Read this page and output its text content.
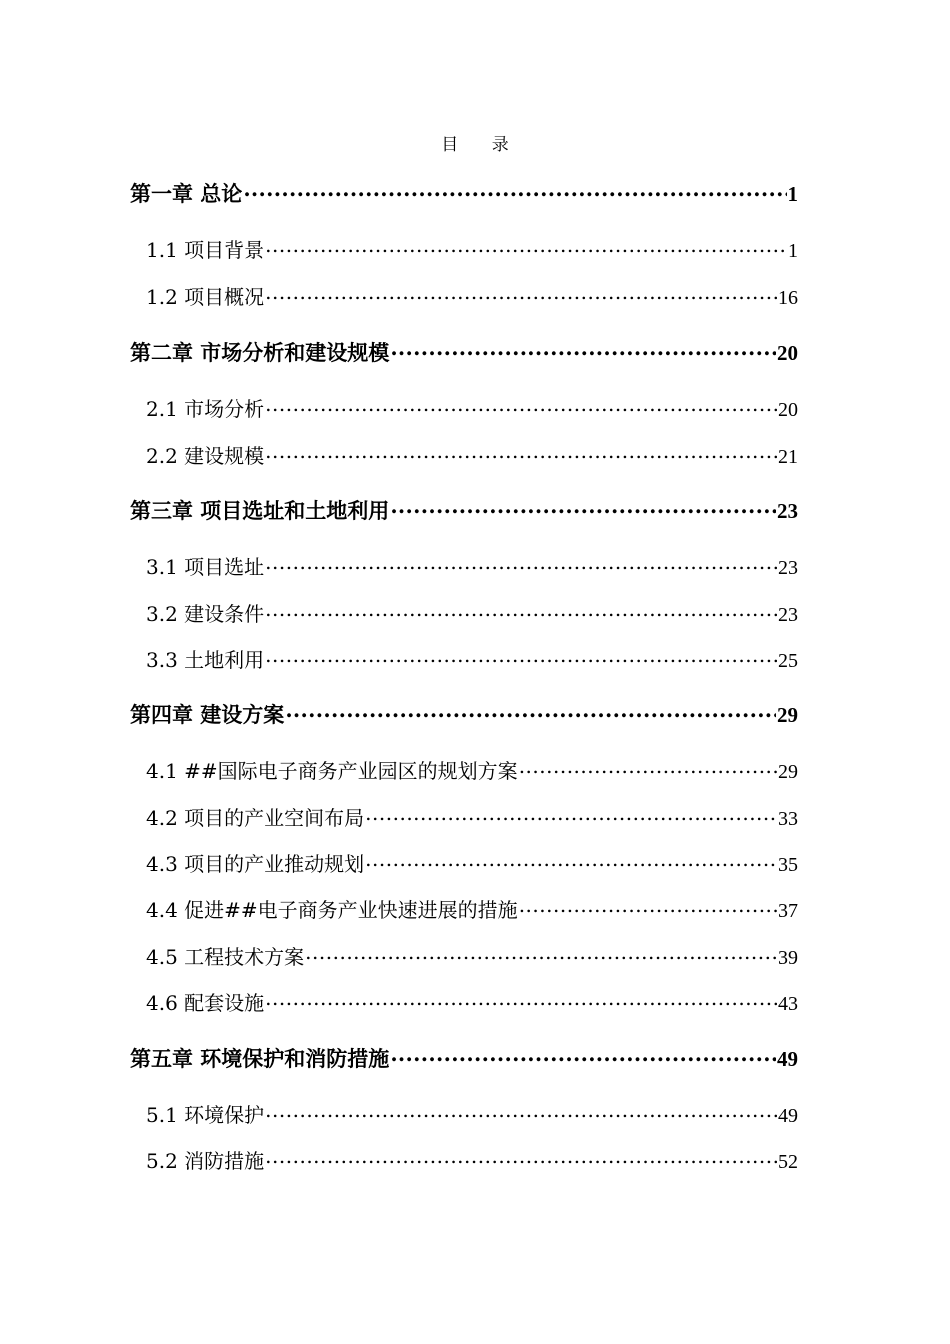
目 录
第一章 总论 .....	1
1.1 项目背景 .....	1
1.2 项目概况 .....	16
第二章 市场分析和建设规模 .....	20
2.1 市场分析 .....	20
2.2 建设规模 .....	21
第三章 项目选址和土地利用 .....	23
3.1 项目选址 .....	23
3.2 建设条件 .....	23
3.3 土地利用 .....	25
第四章 建设方案 .....	29
4.1 ##国际电子商务产业园区的规划方案 .....	29
4.2 项目的产业空间布局 .....	33
4.3 项目的产业推动规划 .....	35
4.4 促进##电子商务产业快速进展的措施 .....	37
4.5 工程技术方案 .....	39
4.6 配套设施 .....	43
第五章 环境保护和消防措施 .....	49
5.1 环境保护 .....	49
5.2 消防措施 .....	52
